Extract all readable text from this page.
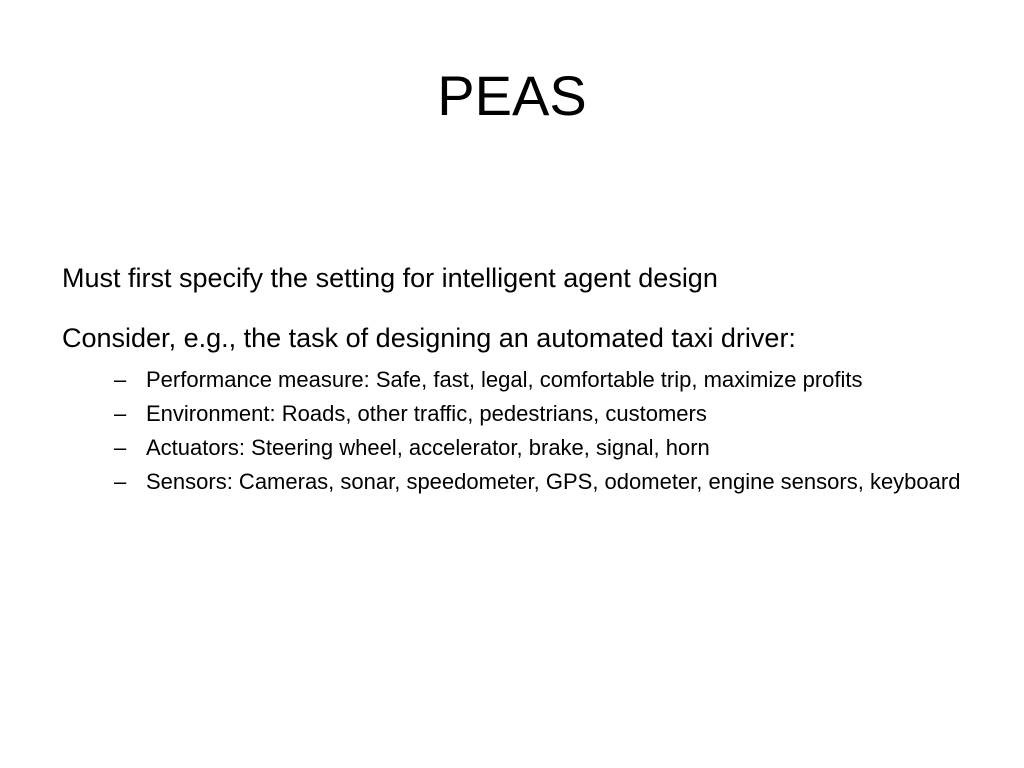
PEAS

Must first specify the setting for intelligent agent design

Consider, e.g., the task of designing an automated taxi driver:

– Performance measure: Safe, fast, legal, comfortable trip, maximize profits
– Environment: Roads, other traffic, pedestrians, customers
– Actuators: Steering wheel, accelerator, brake, signal, horn
– Sensors: Cameras, sonar, speedometer, GPS, odometer, engine sensors, keyboard
